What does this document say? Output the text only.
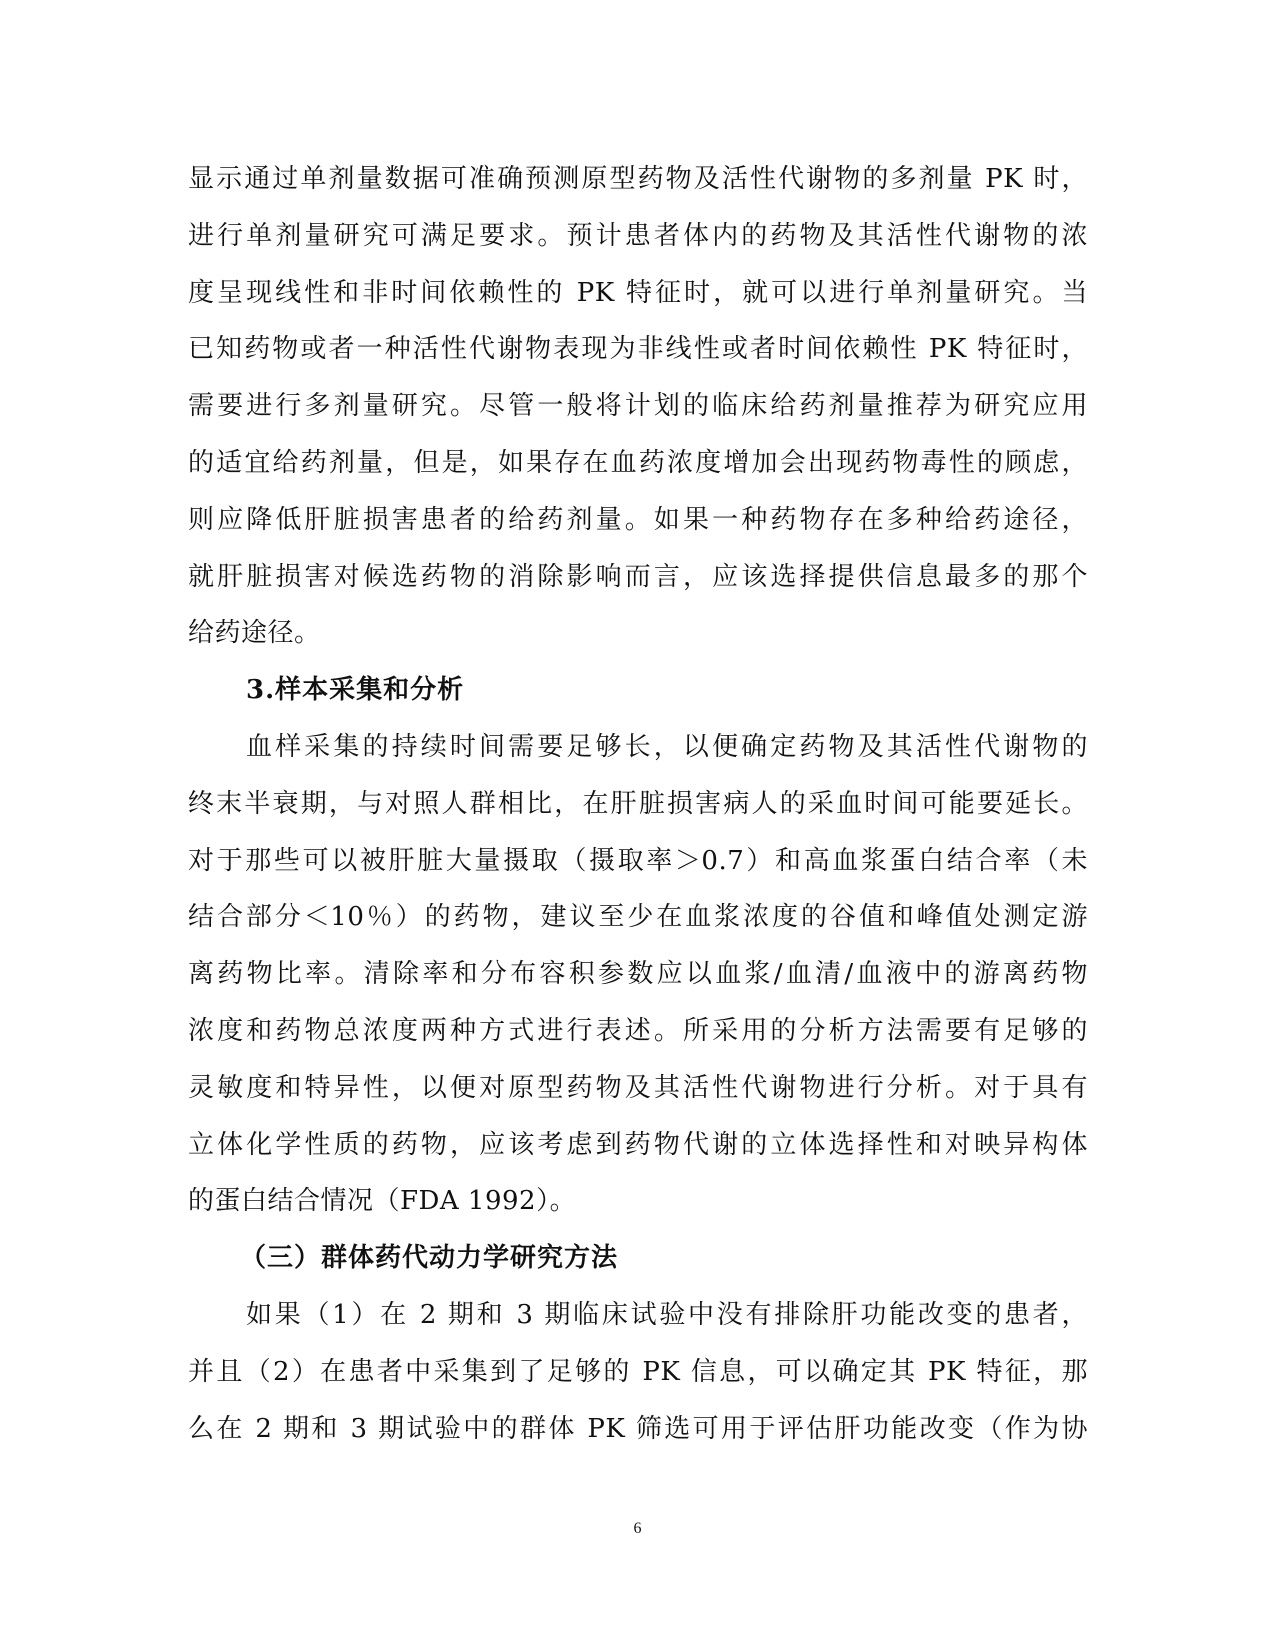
显示通过单剂量数据可准确预测原型药物及活性代谢物的多剂量 PK 时，
进行单剂量研究可满足要求。预计患者体内的药物及其活性代谢物的浓
度呈现线性和非时间依赖性的 PK 特征时，就可以进行单剂量研究。当
已知药物或者一种活性代谢物表现为非线性或者时间依赖性 PK 特征时，
需要进行多剂量研究。尽管一般将计划的临床给药剂量推荐为研究应用
的适宜给药剂量，但是，如果存在血药浓度增加会出现药物毒性的顾虑，
则应降低肝脏损害患者的给药剂量。如果一种药物存在多种给药途径，
就肝脏损害对候选药物的消除影响而言，应该选择提供信息最多的那个
给药途径。
3.样本采集和分析
血样采集的持续时间需要足够长，以便确定药物及其活性代谢物的
终末半衰期，与对照人群相比，在肝脏损害病人的采血时间可能要延长。
对于那些可以被肝脏大量摄取（摄取率＞0.7）和高血浆蛋白结合率（未
结合部分＜10％）的药物，建议至少在血浆浓度的谷值和峰值处测定游
离药物比率。清除率和分布容积参数应以血浆/血清/血液中的游离药物
浓度和药物总浓度两种方式进行表述。所采用的分析方法需要有足够的
灵敏度和特异性，以便对原型药物及其活性代谢物进行分析。对于具有
立体化学性质的药物，应该考虑到药物代谢的立体选择性和对映异构体
的蛋白结合情况（FDA 1992）。
（三）群体药代动力学研究方法
如果（1）在 2 期和 3 期临床试验中没有排除肝功能改变的患者，
并且（2）在患者中采集到了足够的 PK 信息，可以确定其 PK 特征，那
么在 2 期和 3 期试验中的群体 PK 筛选可用于评估肝功能改变（作为协
6
